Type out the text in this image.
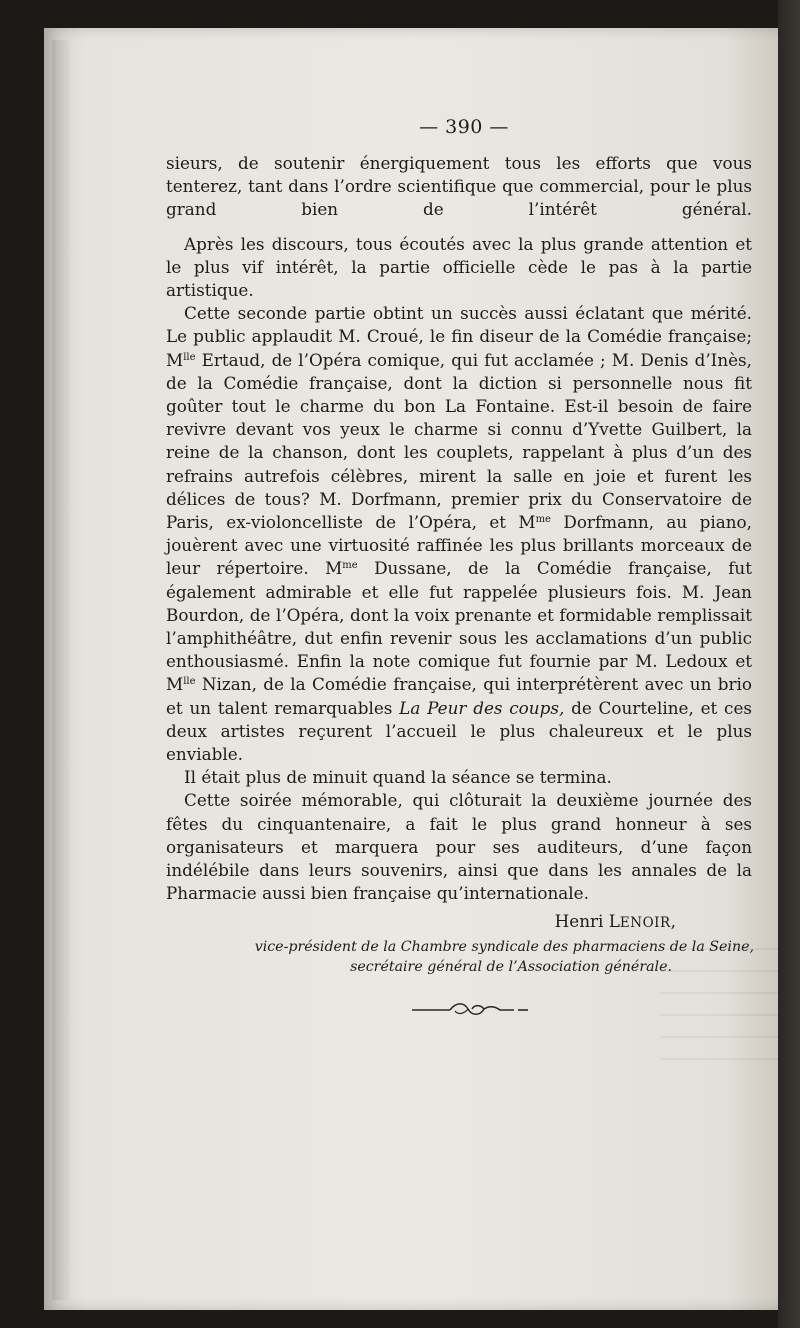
— 390 —

sieurs, de soutenir énergiquement tous les efforts que vous tenterez, tant dans l’ordre scientifique que commercial, pour le plus grand bien de l’intérêt général.

Après les discours, tous écoutés avec la plus grande attention et le plus vif intérêt, la partie officielle cède le pas à la partie artistique.

Cette seconde partie obtint un succès aussi éclatant que mérité. Le public applaudit M. Croué, le fin diseur de la Comédie française; $M^{lle}$ Ertaud, de l’Opéra comique, qui fut acclamée ; M. Denis d’Inès, de la Comédie française, dont la diction si personnelle nous fit goûter tout le charme du bon La Fontaine. Est-il besoin de faire revivre devant vos yeux le charme si connu d’Yvette Guilbert, la reine de la chanson, dont les couplets, rappelant à plus d’un des refrains autrefois célèbres, mirent la salle en joie et furent les délices de tous? M. Dorfmann, premier prix du Conservatoire de Paris, ex-violoncelliste de l’Opéra, et $M^{me}$ Dorfmann, au piano, jouèrent avec une virtuosité raffinée les plus brillants morceaux de leur répertoire. $M^{me}$ Dussane, de la Comédie française, fut également admirable et elle fut rappelée plusieurs fois. M. Jean Bourdon, de l’Opéra, dont la voix prenante et formidable remplissait l’amphithéâtre, dut enfin revenir sous les acclamations d’un public enthousiasmé. Enfin la note comique fut fournie par M. Ledoux et $M^{lle}$ Nizan, de la Comédie française, qui interprétèrent avec un brio et un talent remarquables La Peur des coups, de Courteline, et ces deux artistes reçurent l’accueil le plus chaleureux et le plus enviable.

Il était plus de minuit quand la séance se termina.

Cette soirée mémorable, qui clôturait la deuxième journée des fêtes du cinquantenaire, a fait le plus grand honneur à ses organisateurs et marquera pour ses auditeurs, d’une façon indélébile dans leurs souvenirs, ainsi que dans les annales de la Pharmacie aussi bien française qu’internationale.

Henri LENOIR,
vice-président de la Chambre syndicale des pharmaciens de la Seine,
secrétaire général de l’Association générale.
